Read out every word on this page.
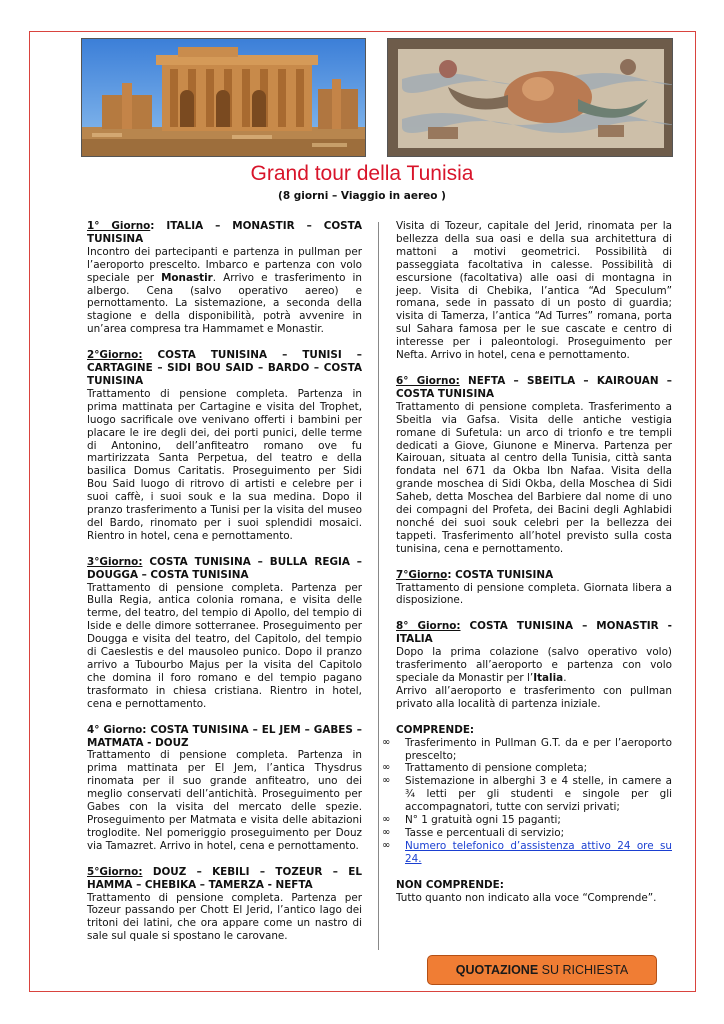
Grand tour della Tunisia
(8 giorni – Viaggio in aereo )
1° Giorno: ITALIA – MONASTIR – COSTA TUNISINA

Incontro dei partecipanti e partenza in pullman per l’aeroporto prescelto. Imbarco e partenza con volo speciale per Monastir. Arrivo e trasferimento in albergo. Cena (salvo operativo aereo) e pernottamento. La sistemazione, a seconda della stagione e della disponibilità, potrà avvenire in un’area compresa tra Hammamet e Monastir.

2°Giorno: COSTA TUNISINA – TUNISI – CARTAGINE – SIDI BOU SAID – BARDO – COSTA TUNISINA

Trattamento di pensione completa. Partenza in prima mattinata per Cartagine e visita del Trophet, luogo sacrificale ove venivano offerti i bambini per placare le ire degli dei, dei porti punici, delle terme di Antonino, dell’anfiteatro romano ove fu martirizzata Santa Perpetua, del teatro e della basilica Domus Caritatis. Proseguimento per Sidi Bou Said luogo di ritrovo di artisti e celebre per i suoi caffè, i suoi souk e la sua medina. Dopo il pranzo trasferimento a Tunisi per la visita del museo del Bardo, rinomato per i suoi splendidi mosaici. Rientro in hotel, cena e pernottamento.

3°Giorno: COSTA TUNISINA – BULLA REGIA – DOUGGA – COSTA TUNISINA

Trattamento di pensione completa. Partenza per Bulla Regia, antica colonia romana, e visita delle terme, del teatro, del tempio di Apollo, del tempio di Iside e delle dimore sotterranee. Proseguimento per Dougga e visita del teatro, del Capitolo, del tempio di Caeslestis e del mausoleo punico. Dopo il pranzo arrivo a Tubourbo Majus per la visita del Capitolo che domina il foro romano e del tempio pagano trasformato in chiesa cristiana. Rientro in hotel, cena e pernottamento.

4° Giorno: COSTA TUNISINA – EL JEM – GABES – MATMATA - DOUZ

Trattamento di pensione completa. Partenza in prima mattinata per El Jem, l’antica Thysdrus rinomata per il suo grande anfiteatro, uno dei meglio conservati dell’antichità. Proseguimento per Gabes con la visita del mercato delle spezie. Proseguimento per Matmata e visita delle abitazioni troglodite. Nel pomeriggio proseguimento per Douz via Tamazret. Arrivo in hotel, cena e pernottamento.

5°Giorno: DOUZ – KEBILI – TOZEUR – EL HAMMA – CHEBIKA – TAMERZA - NEFTA

Trattamento di pensione completa. Partenza per Tozeur passando per Chott El Jerid, l’antico lago dei tritoni dei latini, che ora appare come un nastro di sale sul quale si spostano le carovane.

Visita di Tozeur, capitale del Jerid, rinomata per la bellezza della sua oasi e della sua architettura di mattoni a motivi geometrici. Possibilità di passeggiata facoltativa in calesse. Possibilità di escursione (facoltativa) alle oasi di montagna in jeep. Visita di Chebika, l’antica “Ad Speculum” romana, sede in passato di un posto di guardia; visita di Tamerza, l’antica “Ad Turres” romana, porta sul Sahara famosa per le sue cascate e centro di interesse per i paleontologi. Proseguimento per Nefta. Arrivo in hotel, cena e pernottamento.

6° Giorno: NEFTA – SBEITLA – KAIROUAN – COSTA TUNISINA

Trattamento di pensione completa. Trasferimento a Sbeitla via Gafsa. Visita delle antiche vestigia romane di Sufetula: un arco di trionfo e tre templi dedicati a Giove, Giunone e Minerva. Partenza per Kairouan, situata al centro della Tunisia, città santa fondata nel 671 da Okba Ibn Nafaa. Visita della grande moschea di Sidi Okba, della Moschea di Sidi Saheb, detta Moschea del Barbiere dal nome di uno dei compagni del Profeta, dei Bacini degli Aghlabidi nonché dei suoi souk celebri per la bellezza dei tappeti. Trasferimento all’hotel previsto sulla costa tunisina, cena e pernottamento.

7°Giorno: COSTA TUNISINA

Trattamento di pensione completa. Giornata libera a disposizione.

8° Giorno: COSTA TUNISINA – MONASTIR - ITALIA

Dopo la prima colazione (salvo operativo volo) trasferimento all’aeroporto e partenza con volo speciale da Monastir per l’Italia.

Arrivo all’aeroporto e trasferimento con pullman privato alla località di partenza iniziale.

COMPRENDE:
∞ Trasferimento in Pullman G.T. da e per l’aeroporto prescelto;
∞ Trattamento di pensione completa;
∞ Sistemazione in alberghi 3 e 4 stelle, in camere a ¾ letti per gli studenti e singole per gli accompagnatori, tutte con servizi privati;
∞ N° 1 gratuità ogni 15 paganti;
∞ Tasse e percentuali di servizio;
∞ Numero telefonico d’assistenza attivo 24 ore su 24.
NON COMPRENDE:

Tutto quanto non indicato alla voce “Comprende”.

QUOTAZIONE SU RICHIESTA
